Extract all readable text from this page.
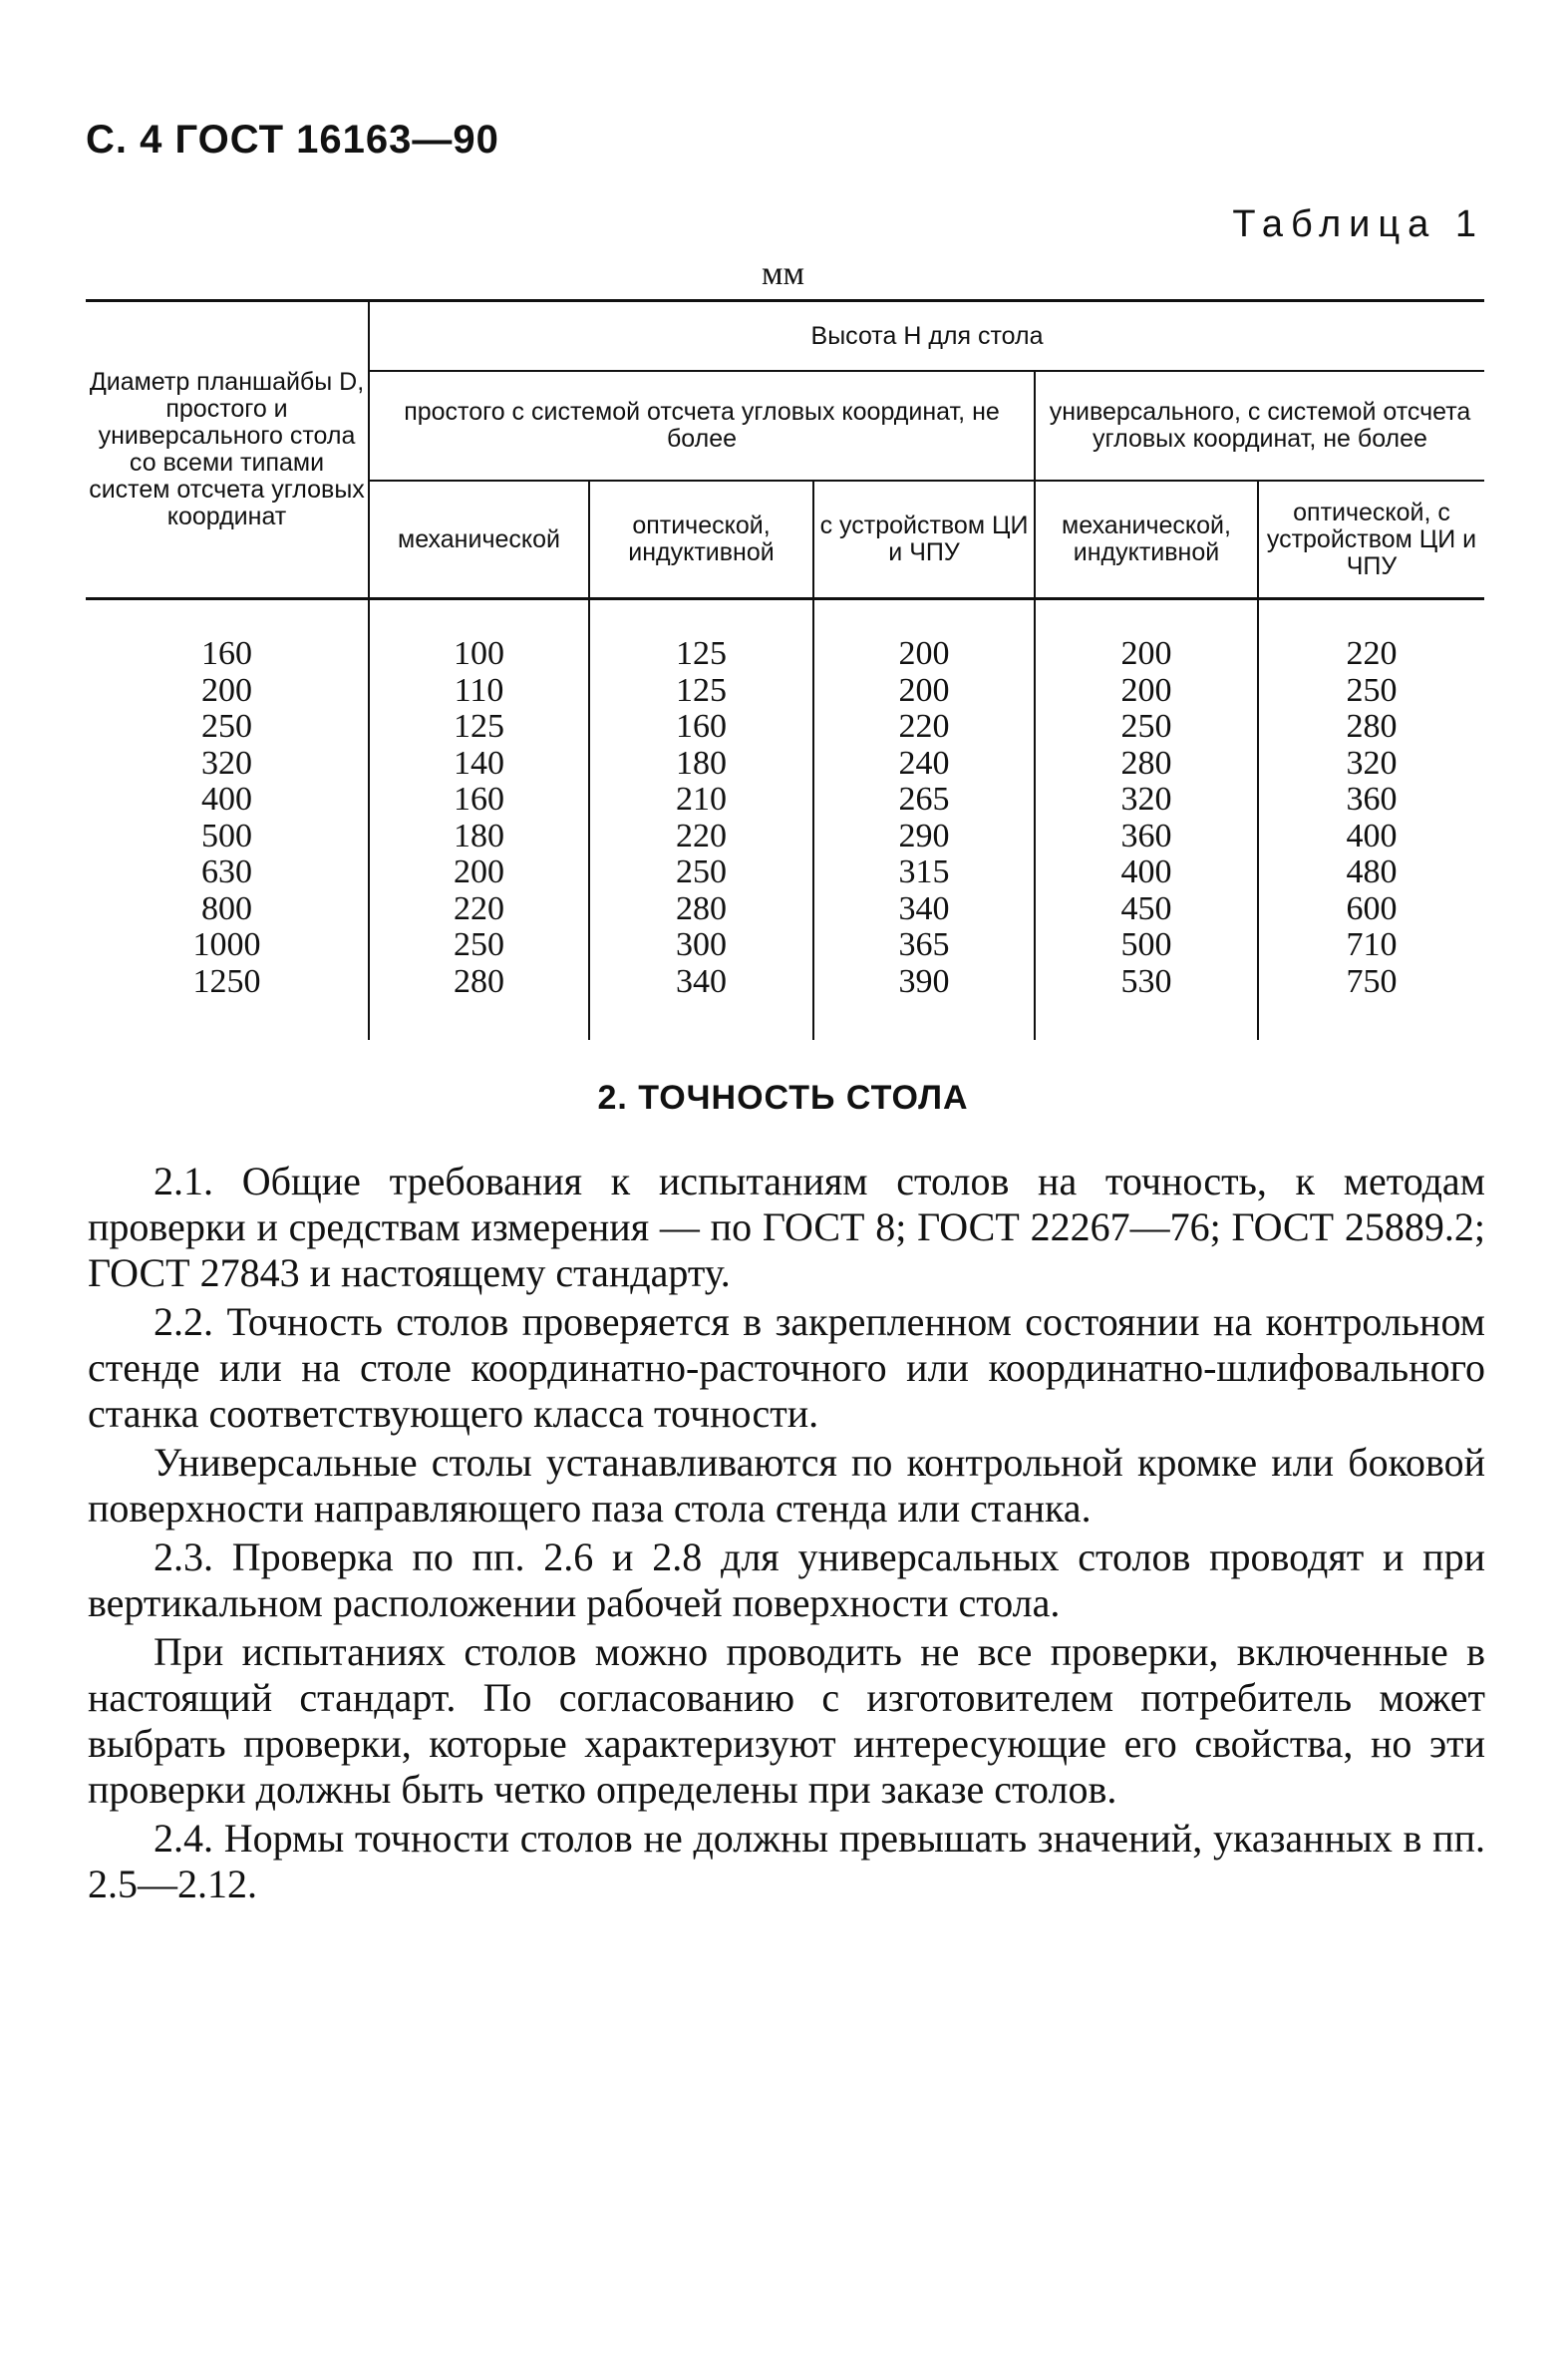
С. 4 ГОСТ 16163—90
Таблица 1
мм
Диаметр планшайбы D, простого и универсального стола со всеми типами систем отсчета угловых координат	Высота H для стола				
	простого с системой отсчета угловых координат, не более			универсального, с системой отсчета угловых координат, не более	
	механической	оптической, индуктивной	с устройством ЦИ и ЧПУ	механической, индуктивной	оптической, с устройством ЦИ и ЧПУ
160	100	125	200	200	220
200	110	125	200	200	250
250	125	160	220	250	280
320	140	180	240	280	320
400	160	210	265	320	360
500	180	220	290	360	400
630	200	250	315	400	480
800	220	280	340	450	600
1000	250	300	365	500	710
1250	280	340	390	530	750
2. ТОЧНОСТЬ СТОЛА

2.1. Общие требования к испытаниям столов на точность, к методам проверки и средствам измерения — по ГОСТ 8; ГОСТ 22267—76; ГОСТ 25889.2; ГОСТ 27843 и настоящему стандарту.

2.2. Точность столов проверяется в закрепленном состоянии на контрольном стенде или на столе координатно-расточного или координатно-шлифовального станка соответствующего класса точности.

Универсальные столы устанавливаются по контрольной кромке или боковой поверхности направляющего паза стола стенда или станка.

2.3. Проверка по пп. 2.6 и 2.8 для универсальных столов проводят и при вертикальном расположении рабочей поверхности стола.

При испытаниях столов можно проводить не все проверки, включенные в настоящий стандарт. По согласованию с изготовителем потребитель может выбрать проверки, которые характеризуют интересующие его свойства, но эти проверки должны быть четко определены при заказе столов.

2.4. Нормы точности столов не должны превышать значений, указанных в пп. 2.5—2.12.
